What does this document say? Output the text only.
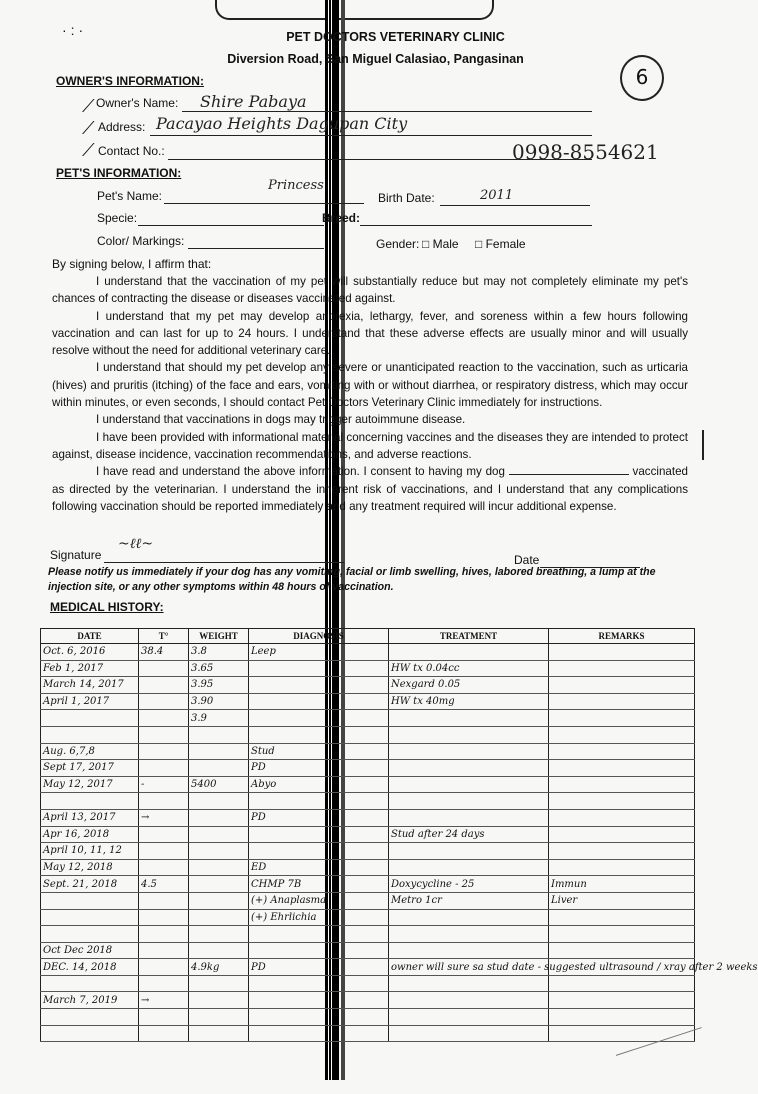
·:·	PET DOCTORS VETERINARY CLINIC
Diversion Road, San Miguel Calasiao, Pangasinan
6
OWNER'S INFORMATION:
Owner's Name: Shire Pabaya
Address: Pacayao Heights Dagupan City
Contact No.:	0998-8554621
⟋
⟋
⟋
PET'S INFORMATION:
Pet's Name:
Princess
Birth Date:	2011
Specie:	Breed:
Color/ Markings:	Gender: □ Male □ Female
By signing below, I affirm that:

I understand that the vaccination of my pet will substantially reduce but may not completely eliminate my pet's chances of contracting the disease or diseases vaccinated against.

I understand that my pet may develop anorexia, lethargy, fever, and soreness within a few hours following vaccination and can last for up to 24 hours. I understand that these adverse effects are usually minor and will usually resolve without the need for additional veterinary care.

I understand that should my pet develop any severe or unanticipated reaction to the vaccination, such as urticaria (hives) and pruritis (itching) of the face and ears, vomiting with or without diarrhea, or respiratory distress, which may occur within minutes, or even seconds, I should contact Pet Doctors Veterinary Clinic immediately for instructions.

I understand that vaccinations in dogs may trigger autoimmune disease.

I have been provided with informational material concerning vaccines and the diseases they are intended to protect against, disease incidence, vaccination recommendations, and adverse reactions.

I have read and understand the above information. I consent to having my dog	vaccinated as directed by the veterinarian. I understand the inherent risk of vaccinations, and I understand that any complications following vaccination should be reported immediately and any treatment required will incur additional expense.

Signature
~ℓℓ~
Date
Please notify us immediately if your dog has any vomiting, facial or limb swelling, hives, labored breathing, a lump at the injection site, or any other symptoms within 48 hours of vaccination.
MEDICAL HISTORY:
DATE	T°	WEIGHT	DIAGNOSIS	TREATMENT	REMARKS
Oct. 6, 2016	38.4	3.8	Leep		
Feb 1, 2017		3.65		HW tx 0.04cc	
March 14, 2017		3.95		Nexgard 0.05	
April 1, 2017		3.90		HW tx 40mg	
		3.9			

Aug. 6,7,8			Stud		
Sept 17, 2017			PD		
May 12, 2017	-	5400	Abyo		

April 13, 2017	→		PD		
Apr 16, 2018				Stud after 24 days	
April 10, 11, 12					
May 12, 2018			ED		
Sept. 21, 2018	4.5		CHMP 7B	Doxycycline - 25	Immun
			(+) Anaplasma	Metro 1cr	Liver
			(+) Ehrlichia		

Oct Dec 2018					
DEC. 14, 2018		4.9kg	PD	owner will sure sa stud date - suggested ultrasound / xray after 2 weeks	

March 7, 2019	→				
